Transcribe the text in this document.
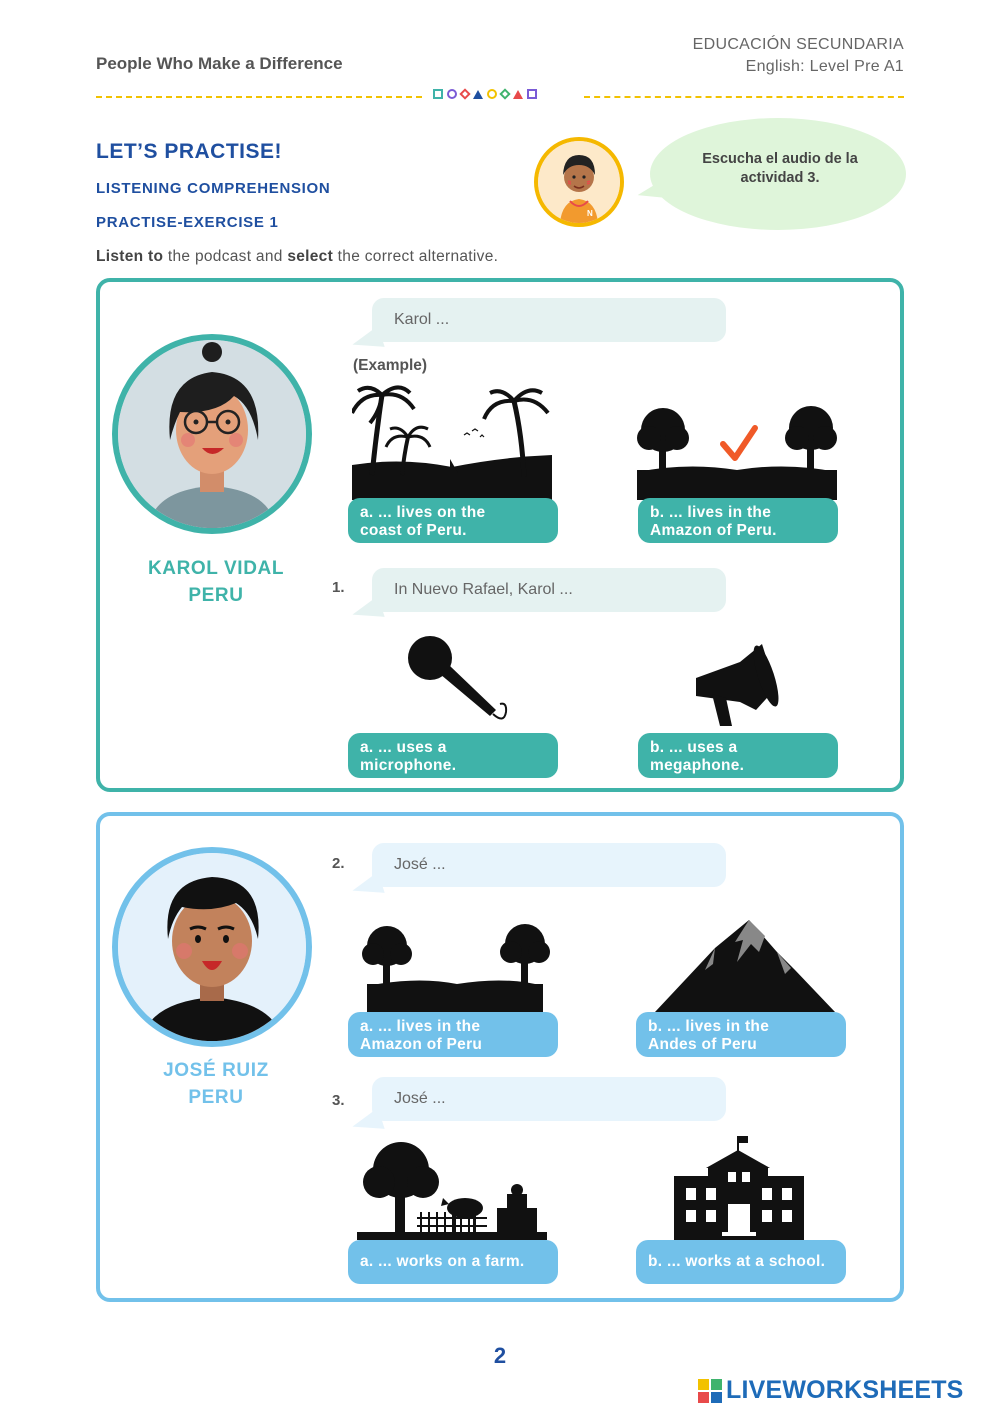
People Who Make a Difference
EDUCACIÓN SECUNDARIA
English: Level Pre A1
LET’S PRACTISE!
LISTENING COMPREHENSION
PRACTISE-EXERCISE 1
Listen to the podcast and select the correct alternative.
Escucha el audio de la actividad 3.
N
KAROL VIDAL
PERU
Karol ...
(Example)
a. ... lives on the
coast of Peru.
b. ... lives in the
Amazon of Peru.
1.	In Nuevo Rafael, Karol ...
a. ... uses a
microphone.
b. ... uses a
megaphone.
JOSÉ RUIZ
PERU
2.	José ...
a. ... lives in the
Amazon of Peru
b. ... lives in the
Andes of Peru
3.	José ...
a. ... works on a farm.	b. ... works at a school.
2
LIVEWORKSHEETS
